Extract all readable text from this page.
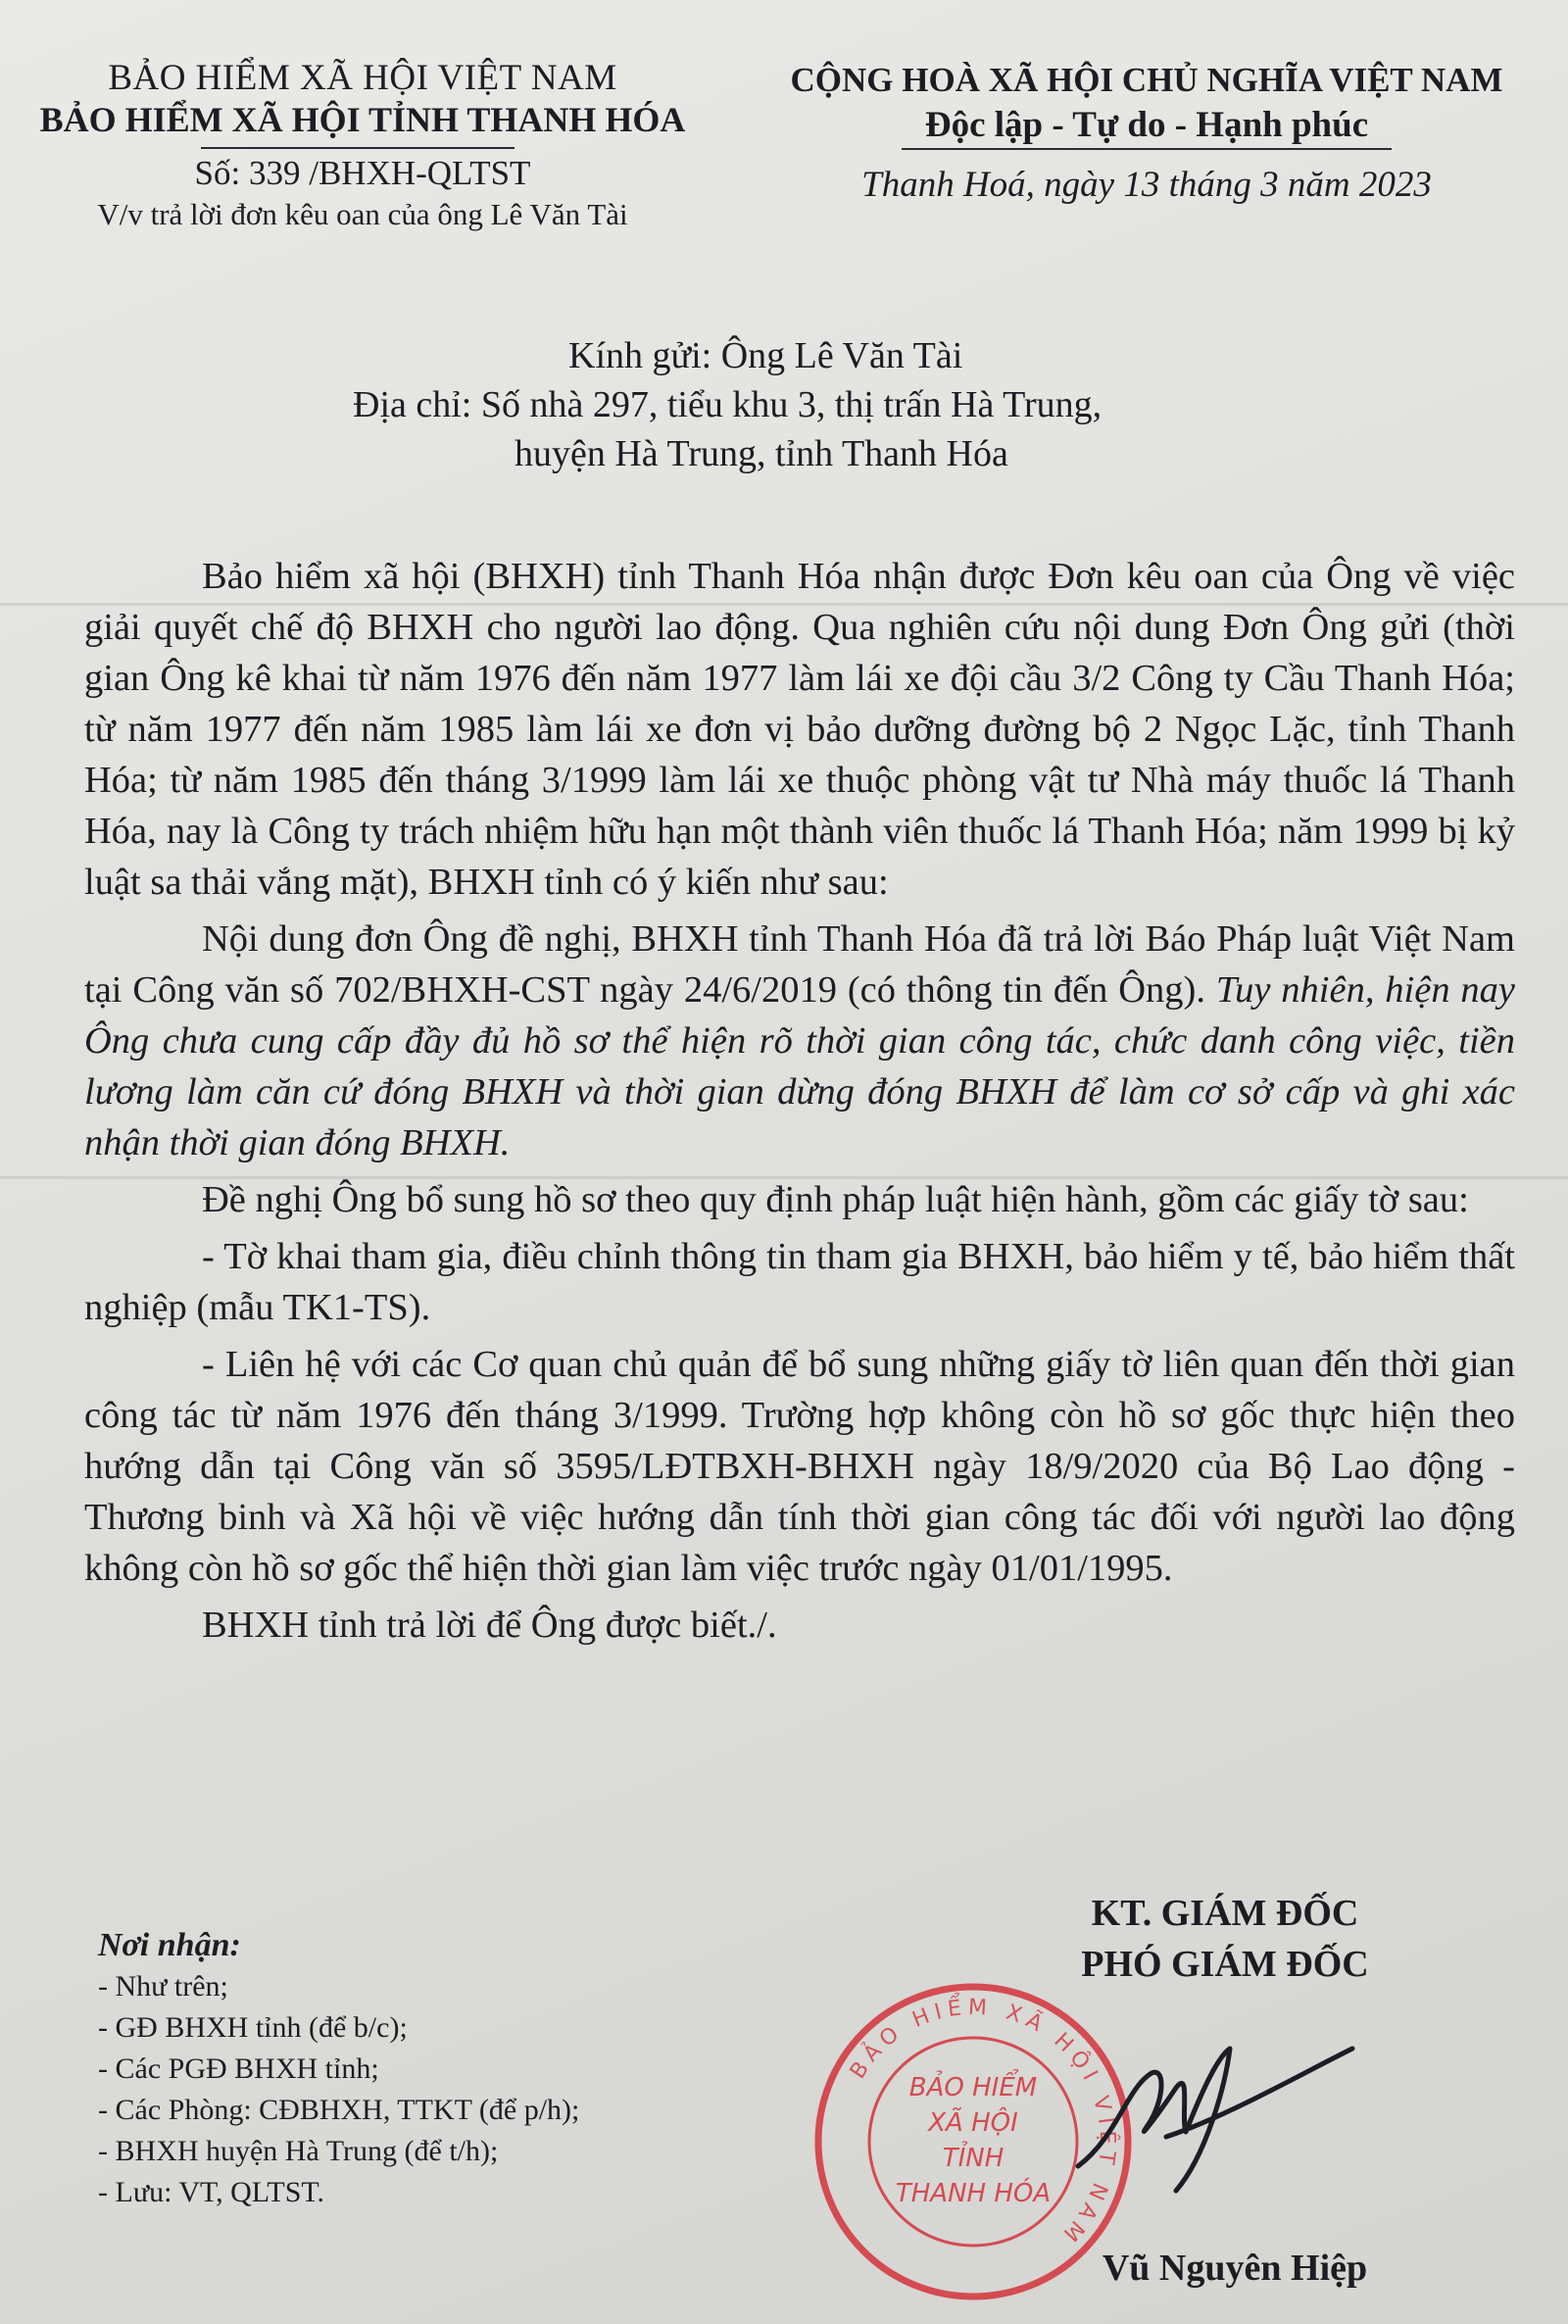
BẢO HIỂM XÃ HỘI VIỆT NAM
BẢO HIỂM XÃ HỘI TỈNH THANH HÓA
Số: 339 /BHXH-QLTST
V/v trả lời đơn kêu oan của ông Lê Văn Tài
CỘNG HOÀ XÃ HỘI CHỦ NGHĨA VIỆT NAM
Độc lập - Tự do - Hạnh phúc
Thanh Hoá, ngày 13 tháng 3 năm 2023
Kính gửi: Ông Lê Văn Tài
Địa chỉ: Số nhà 297, tiểu khu 3, thị trấn Hà Trung,
huyện Hà Trung, tỉnh Thanh Hóa

Bảo hiểm xã hội (BHXH) tỉnh Thanh Hóa nhận được Đơn kêu oan của Ông về việc giải quyết chế độ BHXH cho người lao động. Qua nghiên cứu nội dung Đơn Ông gửi (thời gian Ông kê khai từ năm 1976 đến năm 1977 làm lái xe đội cầu 3/2 Công ty Cầu Thanh Hóa; từ năm 1977 đến năm 1985 làm lái xe đơn vị bảo dưỡng đường bộ 2 Ngọc Lặc, tỉnh Thanh Hóa; từ năm 1985 đến tháng 3/1999 làm lái xe thuộc phòng vật tư Nhà máy thuốc lá Thanh Hóa, nay là Công ty trách nhiệm hữu hạn một thành viên thuốc lá Thanh Hóa; năm 1999 bị kỷ luật sa thải vắng mặt), BHXH tỉnh có ý kiến như sau:

Nội dung đơn Ông đề nghị, BHXH tỉnh Thanh Hóa đã trả lời Báo Pháp luật Việt Nam tại Công văn số 702/BHXH-CST ngày 24/6/2019 (có thông tin đến Ông). Tuy nhiên, hiện nay Ông chưa cung cấp đầy đủ hồ sơ thể hiện rõ thời gian công tác, chức danh công việc, tiền lương làm căn cứ đóng BHXH và thời gian dừng đóng BHXH để làm cơ sở cấp và ghi xác nhận thời gian đóng BHXH.

Đề nghị Ông bổ sung hồ sơ theo quy định pháp luật hiện hành, gồm các giấy tờ sau:

- Tờ khai tham gia, điều chỉnh thông tin tham gia BHXH, bảo hiểm y tế, bảo hiểm thất nghiệp (mẫu TK1-TS).

- Liên hệ với các Cơ quan chủ quản để bổ sung những giấy tờ liên quan đến thời gian công tác từ năm 1976 đến tháng 3/1999. Trường hợp không còn hồ sơ gốc thực hiện theo hướng dẫn tại Công văn số 3595/LĐTBXH-BHXH ngày 18/9/2020 của Bộ Lao động - Thương binh và Xã hội về việc hướng dẫn tính thời gian công tác đối với người lao động không còn hồ sơ gốc thể hiện thời gian làm việc trước ngày 01/01/1995.

BHXH tỉnh trả lời để Ông được biết./.

Nơi nhận:
- Như trên;
- GĐ BHXH tỉnh (để b/c);
- Các PGĐ BHXH tỉnh;
- Các Phòng: CĐBHXH, TTKT (để p/h);
- BHXH huyện Hà Trung (để t/h);
- Lưu: VT, QLTST.
KT. GIÁM ĐỐC
PHÓ GIÁM ĐỐC
BẢO HIỂM XÃ HỘI VIỆT NAM
BẢO HIỂM
XÃ HỘI
TỈNH
THANH HÓA
Vũ Nguyên Hiệp
